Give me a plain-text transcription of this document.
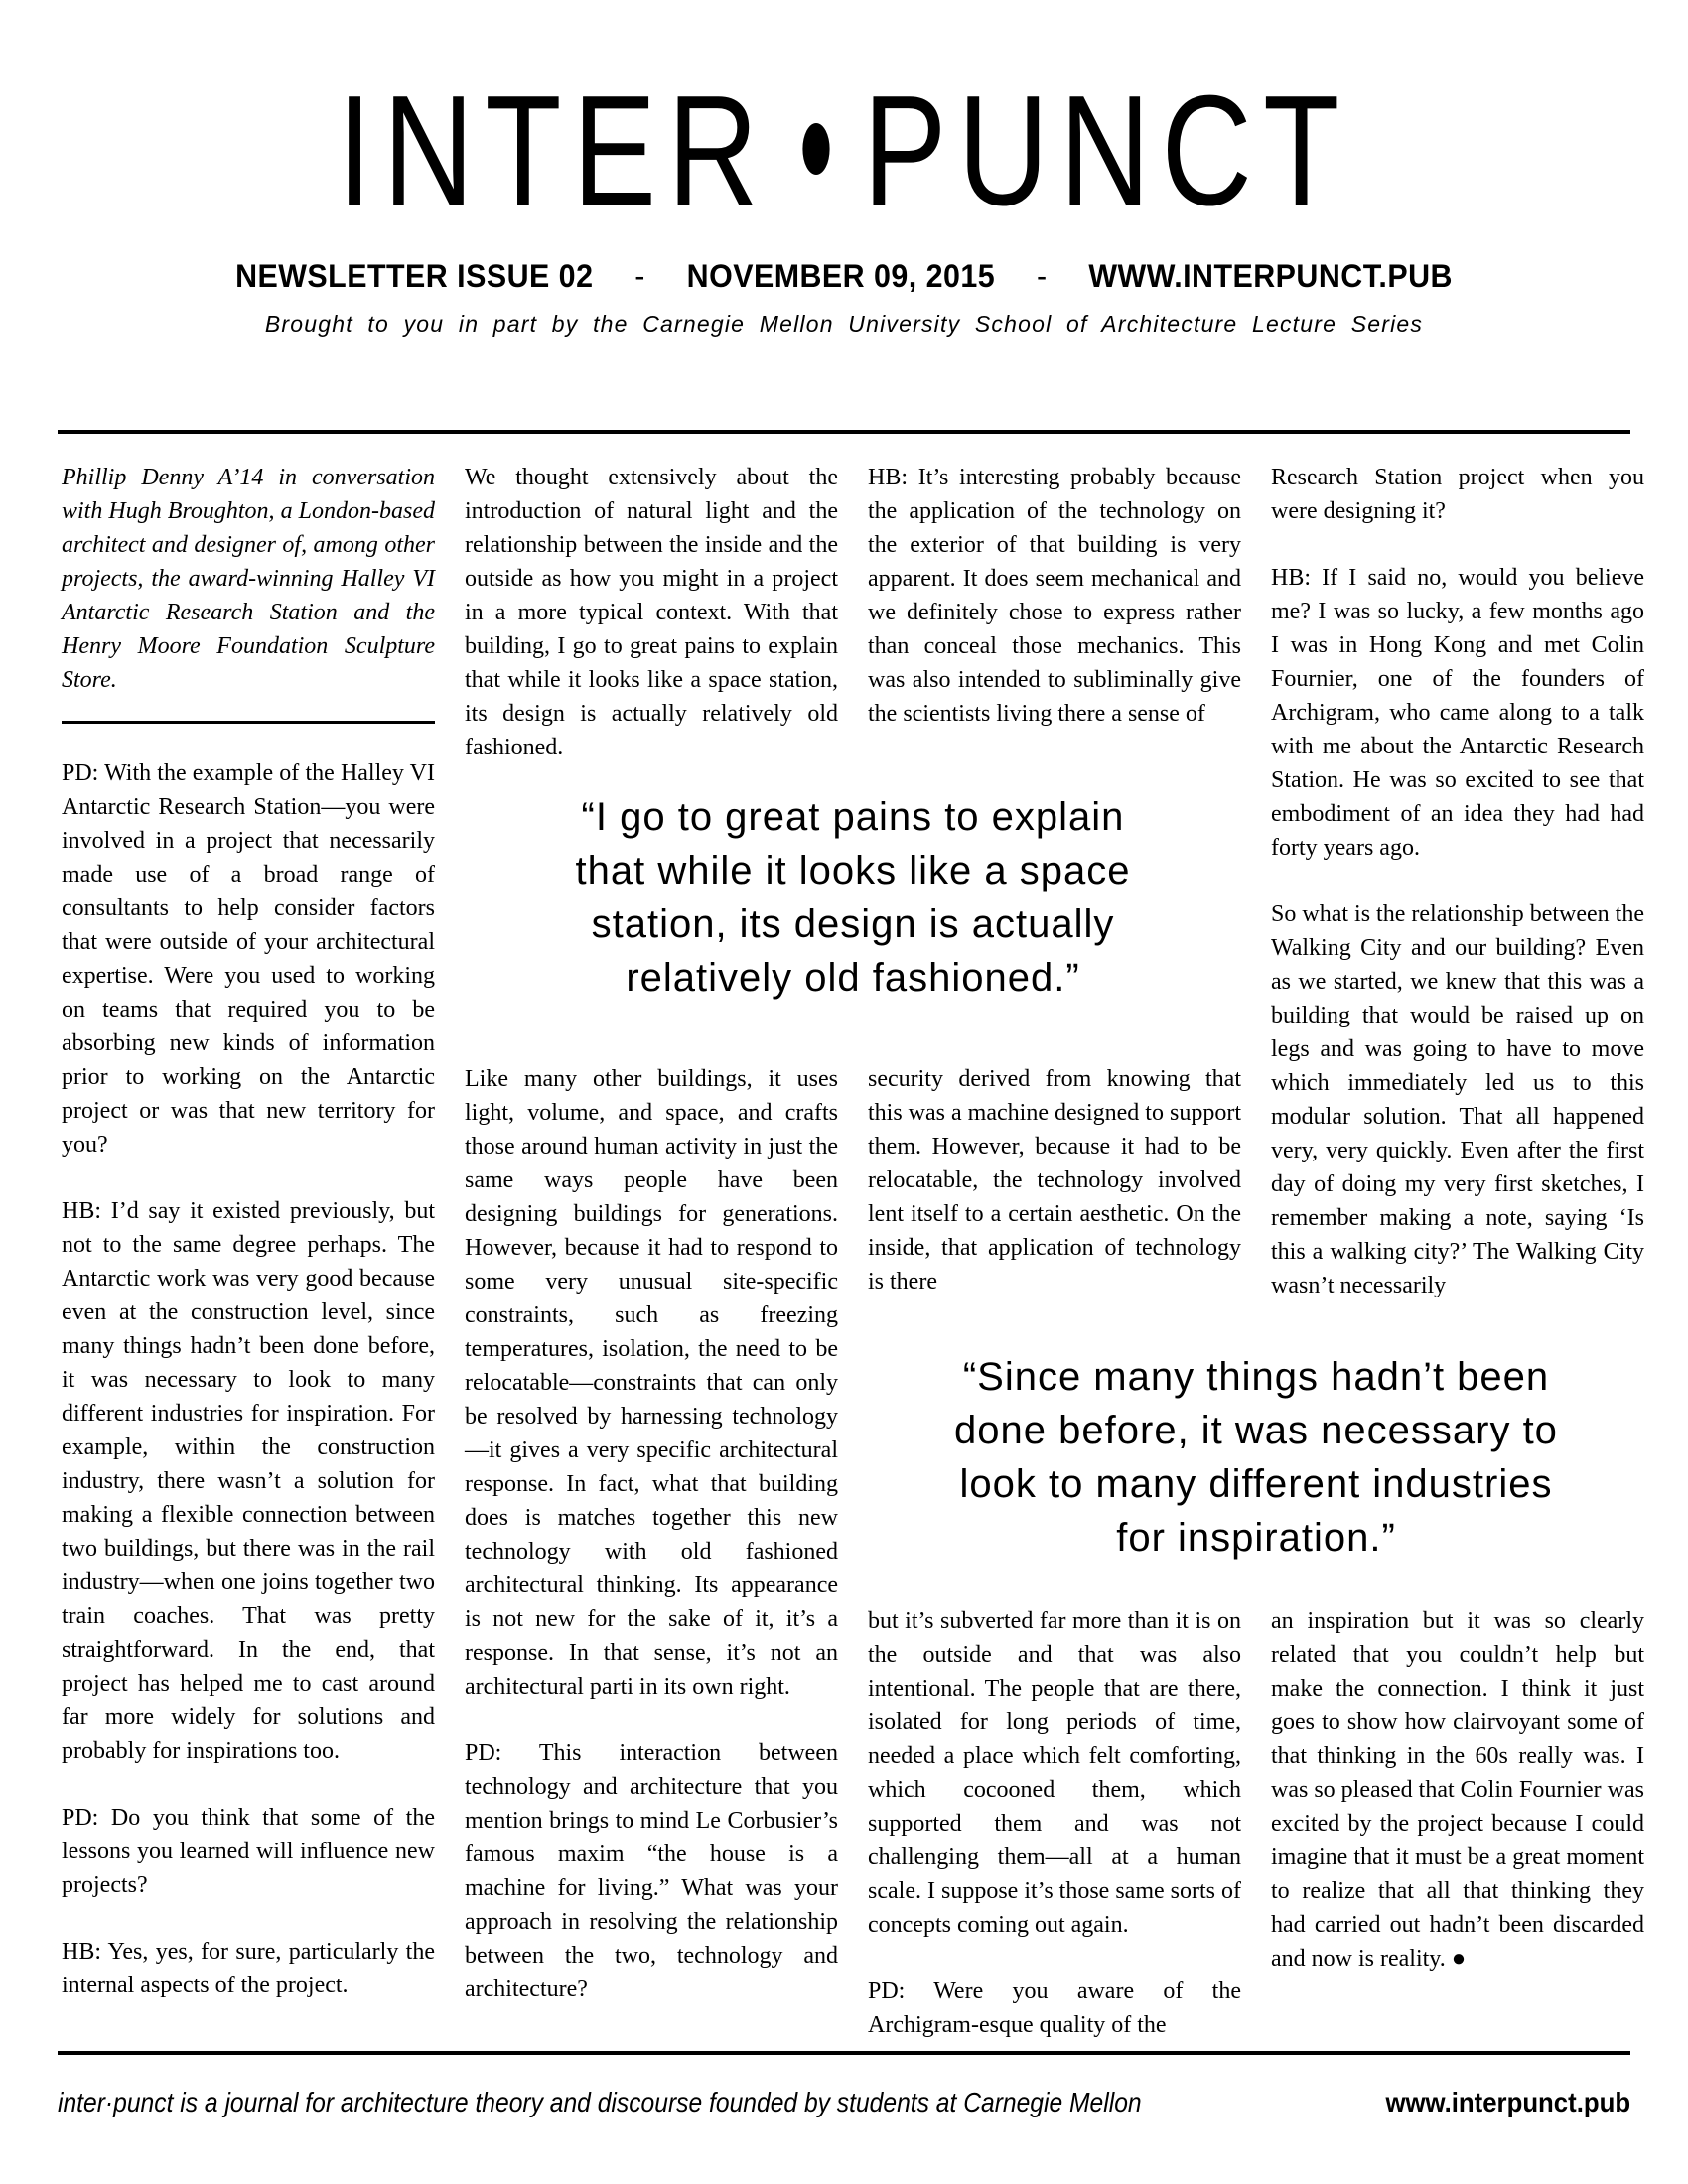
INTER PUNCT
NEWSLETTER ISSUE 02 - NOVEMBER 09, 2015 - WWW.INTERPUNCT.PUB
Brought to you in part by the Carnegie Mellon University School of Architecture Lecture Series
Phillip Denny A’14 in conversation with Hugh Broughton, a London-based architect and designer of, among other projects, the award-winning Halley VI Antarctic Research Station and the Henry Moore Foundation Sculpture Store.

PD: With the example of the Halley VI Antarctic Research Station—you were involved in a project that necessarily made use of a broad range of consultants to help consider factors that were outside of your architectural expertise. Were you used to working on teams that required you to be absorbing new kinds of information prior to working on the Antarctic project or was that new territory for you?

HB: I’d say it existed previously, but not to the same degree perhaps. The Antarctic work was very good because even at the construction level, since many things hadn’t been done before, it was necessary to look to many different industries for inspiration. For example, within the construction industry, there wasn’t a solution for making a flexible connection between two buildings, but there was in the rail industry—when one joins together two train coaches. That was pretty straightforward. In the end, that project has helped me to cast around far more widely for solutions and probably for inspirations too.

PD: Do you think that some of the lessons you learned will influence new projects?

HB: Yes, yes, for sure, particularly the internal aspects of the project.

We thought extensively about the introduction of natural light and the relationship between the inside and the outside as how you might in a project in a more typical context. With that building, I go to great pains to explain that while it looks like a space station, its design is actually relatively old fashioned.

Like many other buildings, it uses light, volume, and space, and crafts those around human activity in just the same ways people have been designing buildings for generations. However, because it had to respond to some very unusual site-specific constraints, such as freezing temperatures, isolation, the need to be relocatable—constraints that can only be resolved by harnessing technology—it gives a very specific architectural response. In fact, what that building does is matches together this new technology with old fashioned architectural thinking. Its appearance is not new for the sake of it, it’s a response. In that sense, it’s not an architectural parti in its own right.

PD: This interaction between technology and architecture that you mention brings to mind Le Corbusier’s famous maxim “the house is a machine for living.” What was your approach in resolving the relationship between the two, technology and architecture?

HB: It’s interesting probably because the application of the technology on the exterior of that building is very apparent. It does seem mechanical and we definitely chose to express rather than conceal those mechanics. This was also intended to subliminally give the scientists living there a sense of

security derived from knowing that this was a machine designed to support them. However, because it had to be relocatable, the technology involved lent itself to a certain aesthetic. On the inside, that application of technology is there

but it’s subverted far more than it is on the outside and that was also intentional. The people that are there, isolated for long periods of time, needed a place which felt comforting, which cocooned them, which supported them and was not challenging them—all at a human scale. I suppose it’s those same sorts of concepts coming out again.

PD: Were you aware of the Archigram-esque quality of the

Research Station project when you were designing it?

HB: If I said no, would you believe me? I was so lucky, a few months ago I was in Hong Kong and met Colin Fournier, one of the founders of Archigram, who came along to a talk with me about the Antarctic Research Station. He was so excited to see that embodiment of an idea they had had forty years ago.

So what is the relationship between the Walking City and our building? Even as we started, we knew that this was a building that would be raised up on legs and was going to have to move which immediately led us to this modular solution. That all happened very, very quickly. Even after the first day of doing my very first sketches, I remember making a note, saying ‘Is this a walking city?’ The Walking City wasn’t necessarily

an inspiration but it was so clearly related that you couldn’t help but make the connection. I think it just goes to show how clairvoyant some of that thinking in the 60s really was. I was so pleased that Colin Fournier was excited by the project because I could imagine that it must be a great moment to realize that all that thinking they had carried out hadn’t been discarded and now is reality. ●

“I go to great pains to explain
that while it looks like a space
station, its design is actually
relatively old fashioned.”
“Since many things hadn’t been
done before, it was necessary to
look to many different industries
for inspiration.”
inter·punct is a journal for architecture theory and discourse founded by students at Carnegie Mellon	www.interpunct.pub
